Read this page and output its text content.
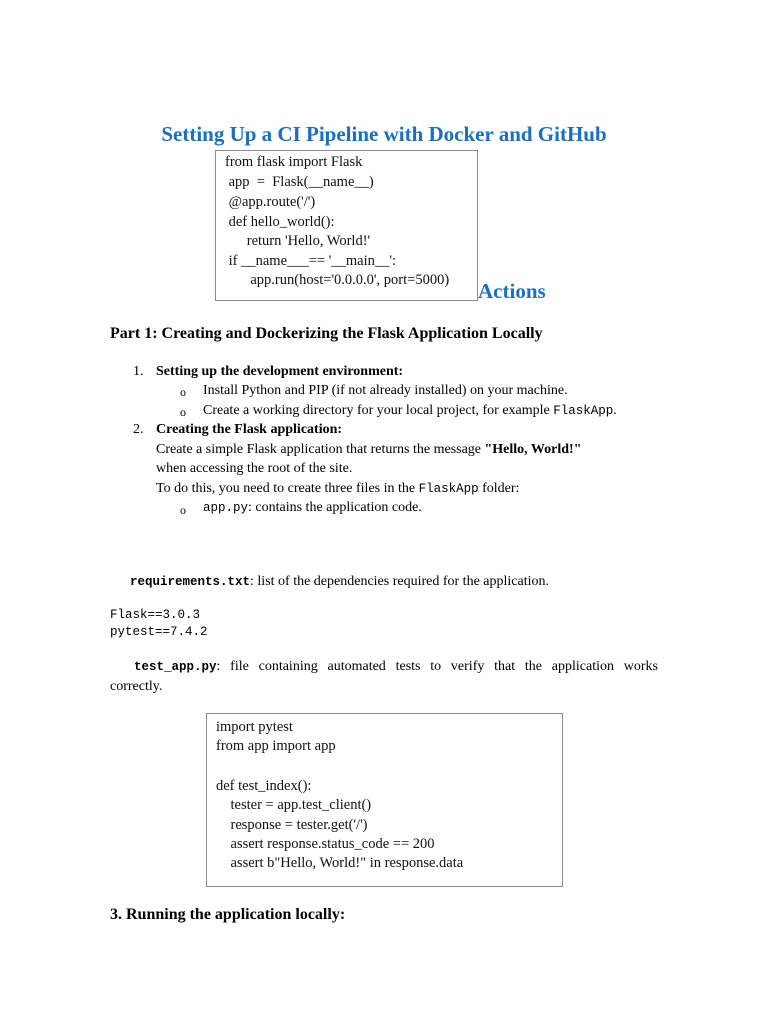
Setting Up a CI Pipeline with Docker and GitHub
from flask import Flask
app  =  Flask(__name__)
@app.route('/')
def hello_world():
return 'Hello, World!'
if __name___== '__main__':
app.run(host='0.0.0.0', port=5000) Actions
Part 1: Creating and Dockerizing the Flask Application Locally
1. Setting up the development environment:
o Install Python and PIP (if not already installed) on your machine.
o Create a working directory for your local project, for example FlaskApp.
2. Creating the Flask application:
Create a simple Flask application that returns the message "Hello, World!"
when accessing the root of the site.
To do this, you need to create three files in the FlaskApp folder:
o app.py: contains the application code.
requirements.txt: list of the dependencies required for the application.
Flask==3.0.3
pytest==7.4.2
test_app.py: file containing automated tests to verify that the application works
correctly.
import pytest
from app import app
def test_index():
tester = app.test_client()
response = tester.get('/')
assert response.status_code == 200
assert b"Hello, World!" in response.data
3. Running the application locally:
